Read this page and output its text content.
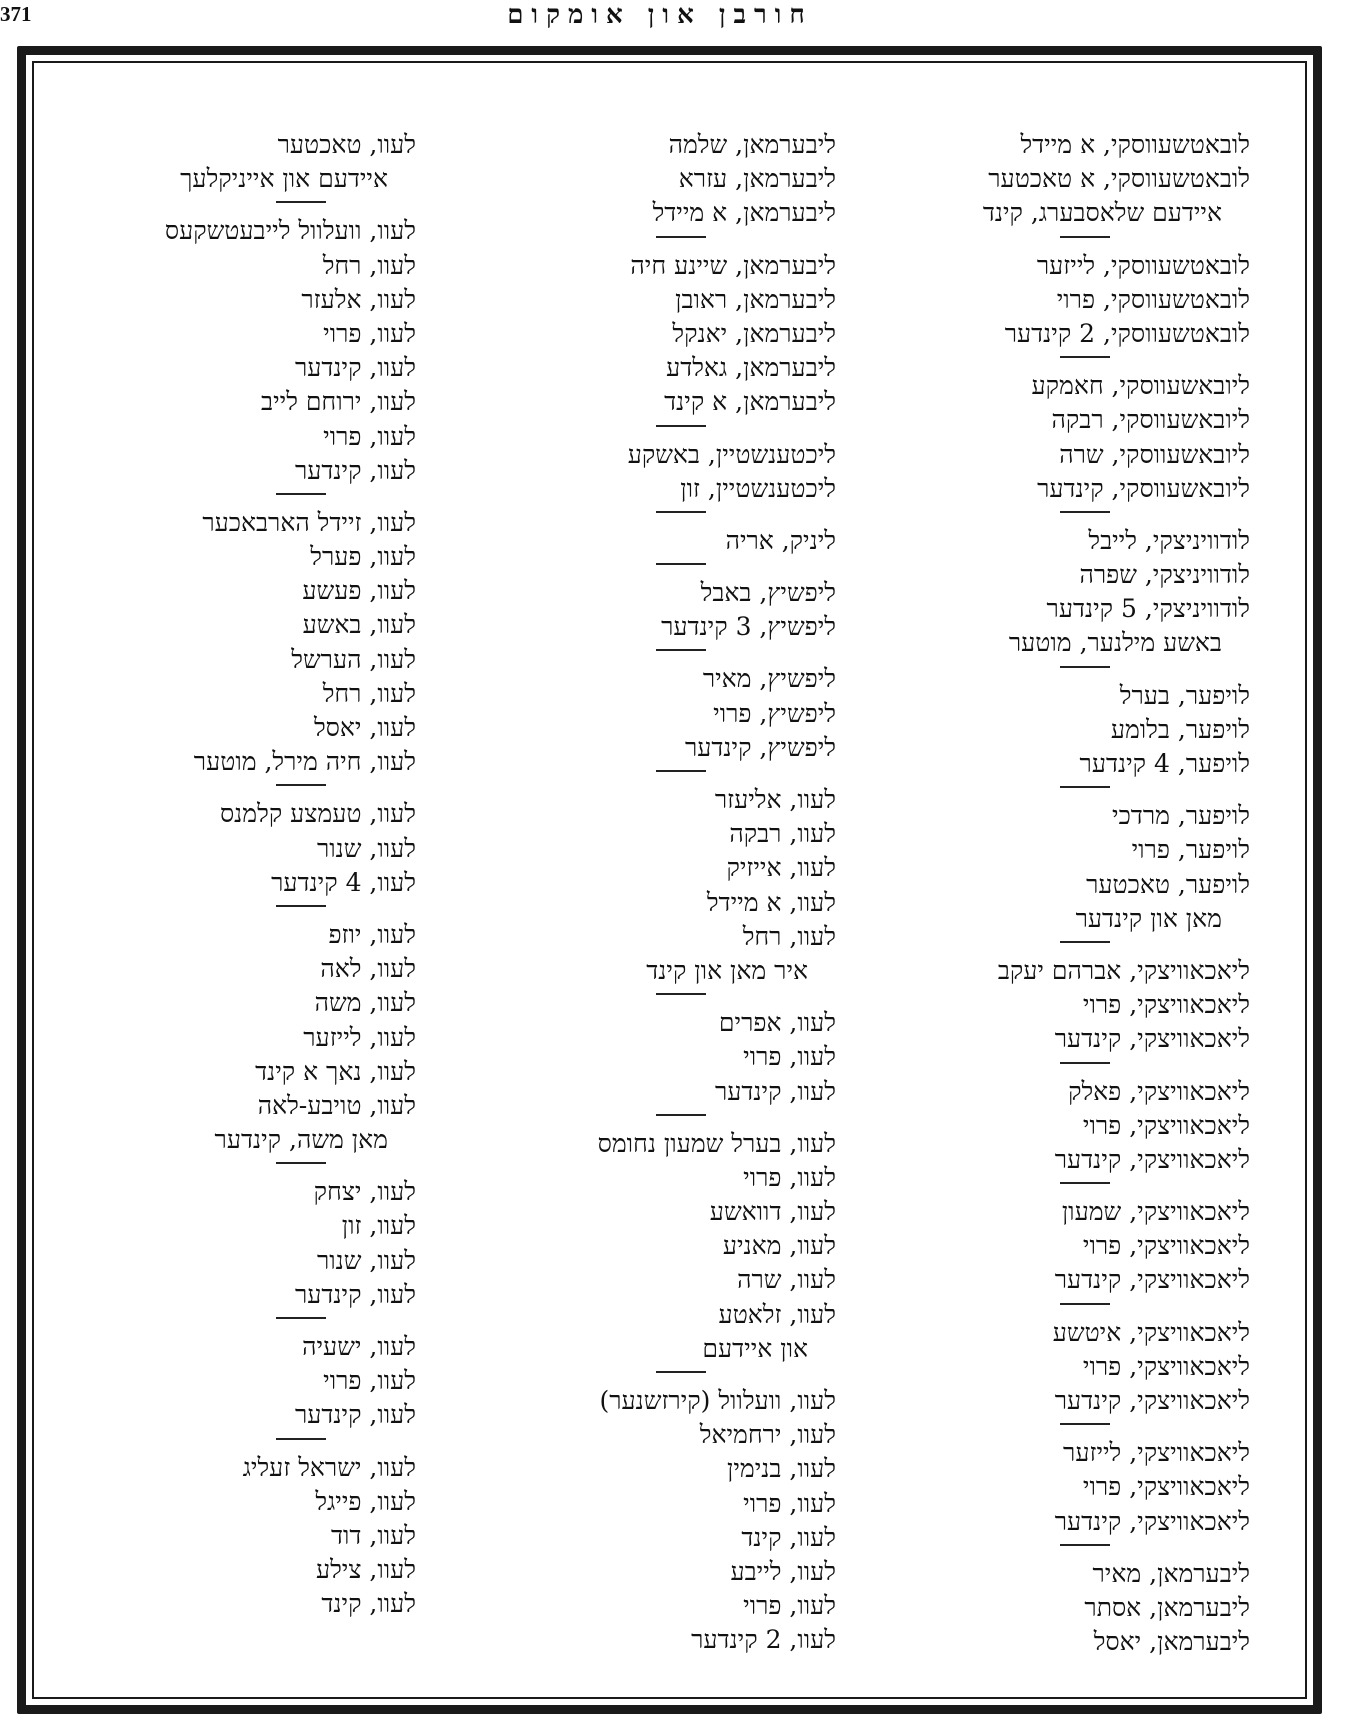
371	חורבן און אומקום
לובאטשעווסקי, א מיידל
לובאטשעווסקי, א טאכטער
איידעם שלאסבערג, קינד
לובאטשעווסקי, לייזער
לובאטשעווסקי, פרוי
לובאטשעווסקי, 2 קינדער
ליובאשעווסקי, חאמקע
ליובאשעווסקי, רבקה
ליובאשעווסקי, שרה
ליובאשעווסקי, קינדער
לודוויניצקי, לייבל
לודוויניצקי, שפרה
לודוויניצקי, 5 קינדער
באשע מילנער, מוטער
לויפער, בערל
לויפער, בלומע
לויפער, 4 קינדער
לויפער, מרדכי
לויפער, פרוי
לויפער, טאכטער
מאן און קינדער
ליאכאוויצקי, אברהם יעקב
ליאכאוויצקי, פרוי
ליאכאוויצקי, קינדער
ליאכאוויצקי, פאלק
ליאכאוויצקי, פרוי
ליאכאוויצקי, קינדער
ליאכאוויצקי, שמעון
ליאכאוויצקי, פרוי
ליאכאוויצקי, קינדער
ליאכאוויצקי, איטשע
ליאכאוויצקי, פרוי
ליאכאוויצקי, קינדער
ליאכאוויצקי, לייזער
ליאכאוויצקי, פרוי
ליאכאוויצקי, קינדער
ליבערמאן, מאיר
ליבערמאן, אסתר
ליבערמאן, יאסל
ליבערמאן, שלמה
ליבערמאן, עזרא
ליבערמאן, א מיידל
ליבערמאן, שיינע חיה
ליבערמאן, ראובן
ליבערמאן, יאנקל
ליבערמאן, גאלדע
ליבערמאן, א קינד
ליכטענשטיין, באשקע
ליכטענשטיין, זון
ליניק, אריה
ליפשיץ, באבל
ליפשיץ, 3 קינדער
ליפשיץ, מאיר
ליפשיץ, פרוי
ליפשיץ, קינדער
לעוו, אליעזר
לעוו, רבקה
לעוו, אייזיק
לעוו, א מיידל
לעוו, רחל
איר מאן און קינד
לעוו, אפרים
לעוו, פרוי
לעוו, קינדער
לעוו, בערל שמעון נחומס
לעוו, פרוי
לעוו, דוואשע
לעוו, מאניע
לעוו, שרה
לעוו, זלאטע
און איידעם
לעוו, וועלוול (קירזשנער)
לעוו, ירחמיאל
לעוו, בנימין
לעוו, פרוי
לעוו, קינד
לעוו, לייבע
לעוו, פרוי
לעוו, 2 קינדער
לעוו, טאכטער
איידעם און אייניקלעך
לעוו, וועלוול לייבעטשקעס
לעוו, רחל
לעוו, אלעזר
לעוו, פרוי
לעוו, קינדער
לעוו, ירוחם לייב
לעוו, פרוי
לעוו, קינדער
לעוו, זיידל הארבאכער
לעוו, פערל
לעוו, פעשע
לעוו, באשע
לעוו, הערשל
לעוו, רחל
לעוו, יאסל
לעוו, חיה מירל, מוטער
לעוו, טעמצע קלמנס
לעוו, שנור
לעוו, 4 קינדער
לעוו, יוזפ
לעוו, לאה
לעוו, משה
לעוו, לייזער
לעוו, נאך א קינד
לעוו, טויבע-לאה
מאן משה, קינדער
לעוו, יצחק
לעוו, זון
לעוו, שנור
לעוו, קינדער
לעוו, ישעיה
לעוו, פרוי
לעוו, קינדער
לעוו, ישראל זעליג
לעוו, פייגל
לעוו, דוד
לעוו, צילע
לעוו, קינד
